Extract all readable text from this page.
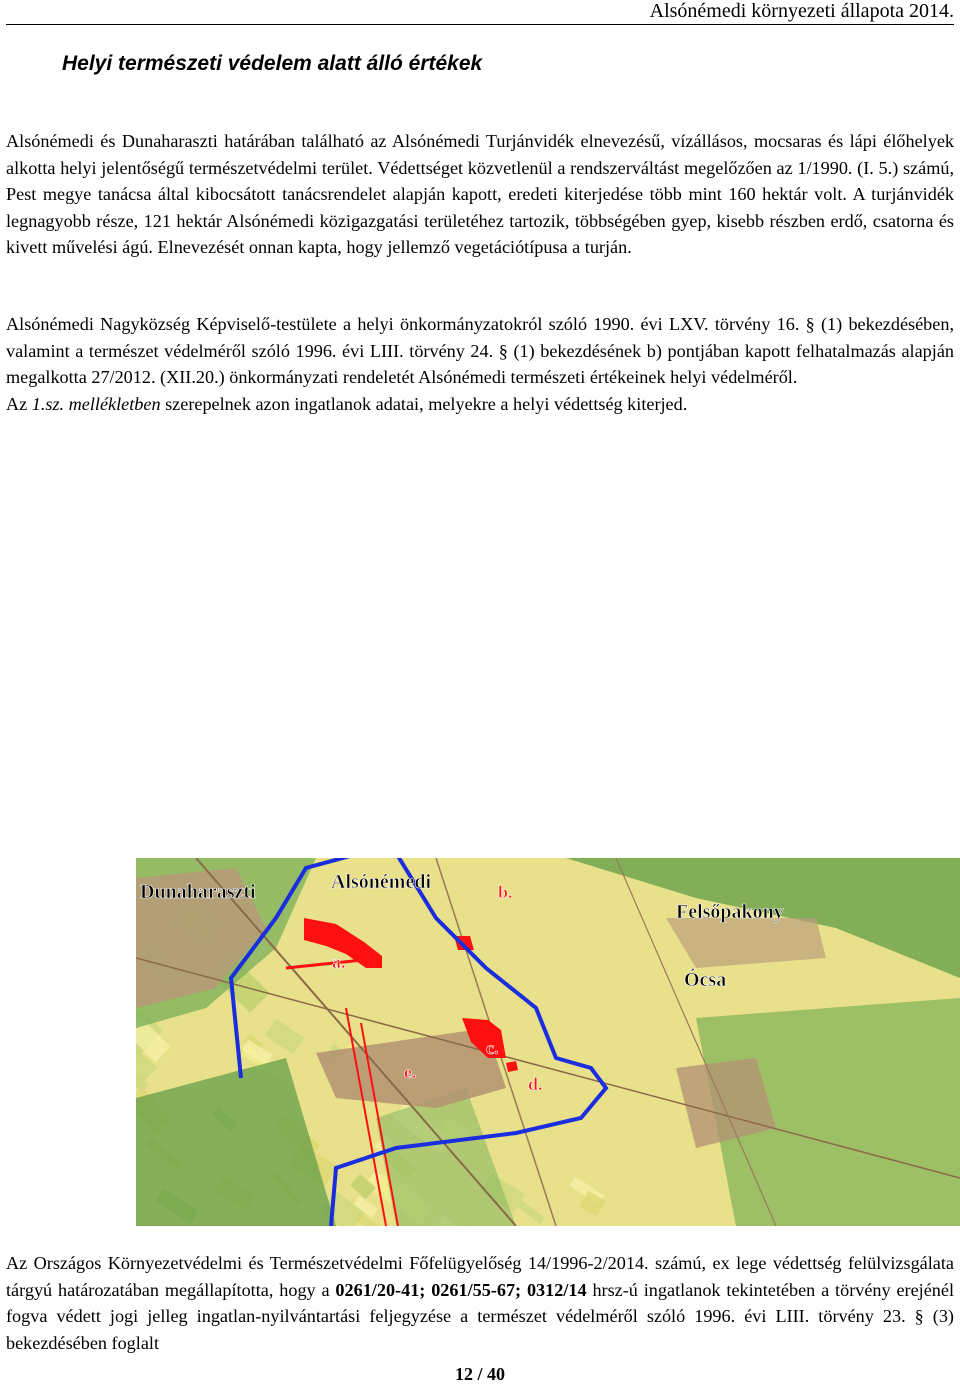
Alsónémedi környezeti állapota 2014.
Helyi természeti védelem alatt álló értékek

Alsónémedi és Dunaharaszti határában található az Alsónémedi Turjánvidék elnevezésű, vízállásos, mocsaras és lápi élőhelyek alkotta helyi jelentőségű természetvédelmi terület. Védettséget közvetlenül a rendszerváltást megelőzően az 1/1990. (I. 5.) számú, Pest megye tanácsa által kibocsátott tanácsrendelet alapján kapott, eredeti kiterjedése több mint 160 hektár volt. A turjánvidék legnagyobb része, 121 hektár Alsónémedi közigazgatási területéhez tartozik, többségében gyep, kisebb részben erdő, csatorna és kivett művelési ágú. Elnevezését onnan kapta, hogy jellemző vegetációtípusa a turján.

Alsónémedi Nagyközség Képviselő-testülete a helyi önkormányzatokról szóló 1990. évi LXV. törvény 16. § (1) bekezdésében, valamint a természet védelméről szóló 1996. évi LIII. törvény 24. § (1) bekezdésének b) pontjában kapott felhatalmazás alapján megalkotta 27/2012. (XII.20.) önkormányzati rendeletét Alsónémedi természeti értékeinek helyi védelméről.
Az 1.sz. mellékletben szerepelnek azon ingatlanok adatai, melyekre a helyi védettség kiterjed.

Dunaharaszti
Felsőpakony
Alsónémedi
Ócsa
a.
b.
c.
d.
e.

Az Országos Környezetvédelmi és Természetvédelmi Főfelügyelőség 14/1996-2/2014. számú, ex lege védettség felülvizsgálata tárgyú határozatában megállapította, hogy a 0261/20-41; 0261/55-67; 0312/14 hrsz-ú ingatlanok tekintetében a törvény erejénél fogva védett jogi jelleg ingatlan-nyilvántartási feljegyzése a természet védelméről szóló 1996. évi LIII. törvény 23. § (3) bekezdésében foglalt

12 / 40
